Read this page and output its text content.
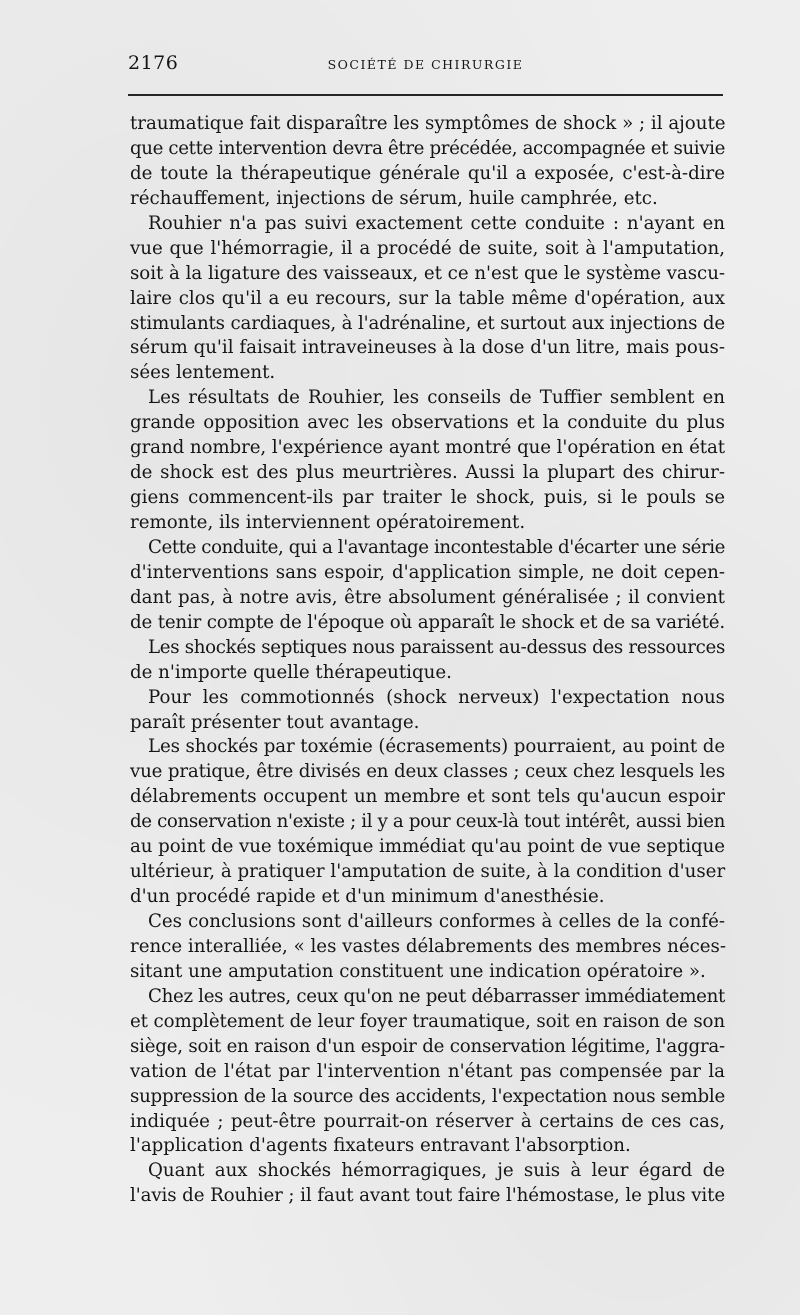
2176	SOCIÉTÉ DE CHIRURGIE
traumatique fait disparaître les symptômes de shock » ; il ajoute
que cette intervention devra être précédée, accompagnée et suivie
de toute la thérapeutique générale qu'il a exposée, c'est-à-dire
réchauffement, injections de sérum, huile camphrée, etc.
Rouhier n'a pas suivi exactement cette conduite : n'ayant en
vue que l'hémorragie, il a procédé de suite, soit à l'amputation,
soit à la ligature des vaisseaux, et ce n'est que le système vascu-
laire clos qu'il a eu recours, sur la table même d'opération, aux
stimulants cardiaques, à l'adrénaline, et surtout aux injections de
sérum qu'il faisait intraveineuses à la dose d'un litre, mais pous-
sées lentement.
Les résultats de Rouhier, les conseils de Tuffier semblent en
grande opposition avec les observations et la conduite du plus
grand nombre, l'expérience ayant montré que l'opération en état
de shock est des plus meurtrières. Aussi la plupart des chirur-
giens commencent-ils par traiter le shock, puis, si le pouls se
remonte, ils interviennent opératoirement.
Cette conduite, qui a l'avantage incontestable d'écarter une série
d'interventions sans espoir, d'application simple, ne doit cepen-
dant pas, à notre avis, être absolument généralisée ; il convient
de tenir compte de l'époque où apparaît le shock et de sa variété.
Les shockés septiques nous paraissent au-dessus des ressources
de n'importe quelle thérapeutique.
Pour les commotionnés (shock nerveux) l'expectation nous
paraît présenter tout avantage.
Les shockés par toxémie (écrasements) pourraient, au point de
vue pratique, être divisés en deux classes ; ceux chez lesquels les
délabrements occupent un membre et sont tels qu'aucun espoir
de conservation n'existe ; il y a pour ceux-là tout intérêt, aussi bien
au point de vue toxémique immédiat qu'au point de vue septique
ultérieur, à pratiquer l'amputation de suite, à la condition d'user
d'un procédé rapide et d'un minimum d'anesthésie.
Ces conclusions sont d'ailleurs conformes à celles de la confé-
rence interalliée, « les vastes délabrements des membres néces-
sitant une amputation constituent une indication opératoire ».
Chez les autres, ceux qu'on ne peut débarrasser immédiatement
et complètement de leur foyer traumatique, soit en raison de son
siège, soit en raison d'un espoir de conservation légitime, l'aggra-
vation de l'état par l'intervention n'étant pas compensée par la
suppression de la source des accidents, l'expectation nous semble
indiquée ; peut-être pourrait-on réserver à certains de ces cas,
l'application d'agents fixateurs entravant l'absorption.
Quant aux shockés hémorragiques, je suis à leur égard de
l'avis de Rouhier ; il faut avant tout faire l'hémostase, le plus vite
